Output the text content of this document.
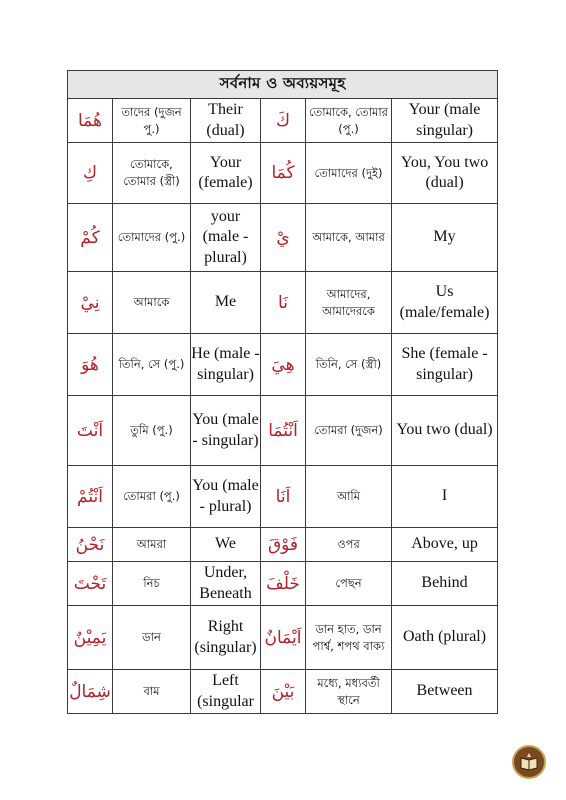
সর্বনাম ও অব্যয়সমূহ					
هُمَا	তাদের (দুজন পু.)	Their (dual)	كَ	তোমাকে, তোমার (পু.)	Your (male singular)
كِ	তোমাকে, তোমার (স্ত্রী)	Your (female)	كُمَا	তোমাদের (দুই)	You, You two (dual)
كُمْ	তোমাদের (পু.)	your (male - plural)	يْ	আমাকে, আমার	My
نِيْ	আমাকে	Me	نَا	আমাদের, আমাদেরকে	Us (male/female)
هُوَ	তিনি, সে (পু.)	He (male - singular)	هِيَ	তিনি, সে (স্ত্রী)	She (female - singular)
اَنْتَ	তুমি (পু.)	You (male - singular)	اَنْتُمَا	তোমরা (দুজন)	You two (dual)
اَنْتُمْ	তোমরা (পু.)	You (male - plural)	اَنَا	আমি	I
نَحْنُ	আমরা	We	فَوْقَ	ওপর	Above, up
تَحْتَ	নিচ	Under, Beneath	خَلْفَ	পেছন	Behind
يَمِيْنٌ	ডান	Right (singular)	اَيْمَانٌ	ডান হাত, ডান পার্শ্ব, শপথ বাক্য	Oath (plural)
شِمَالٌ	বাম	Left (singular	بَيْنَ	মধ্যে, মধ্যবর্তী স্থানে	Between
